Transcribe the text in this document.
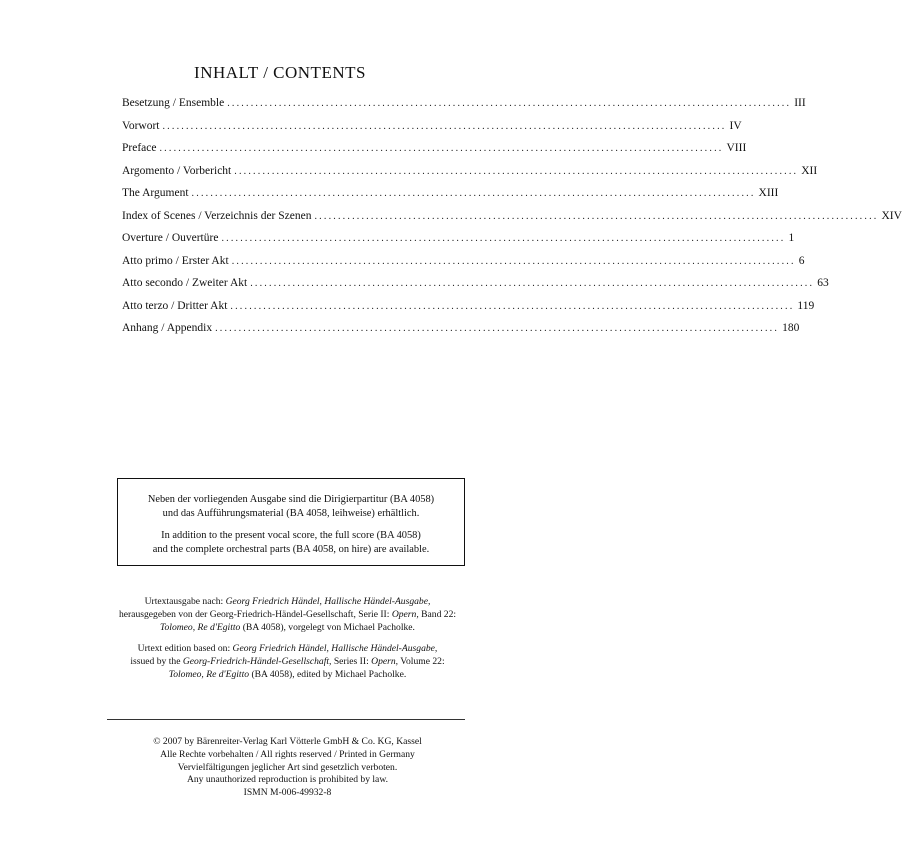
INHALT / CONTENTS
Besetzung / Ensemble ........................................................................................................................ III
Vorwort ........................................................................................................................ IV
Preface ........................................................................................................................ VIII
Argomento / Vorbericht ........................................................................................................................ XII
The Argument ........................................................................................................................ XIII
Index of Scenes / Verzeichnis der Szenen ........................................................................................................................ XIV
Overture / Ouvertüre ........................................................................................................................ 1
Atto primo / Erster Akt ........................................................................................................................ 6
Atto secondo / Zweiter Akt ........................................................................................................................ 63
Atto terzo / Dritter Akt ........................................................................................................................ 119
Anhang / Appendix ........................................................................................................................ 180

Neben der vorliegenden Ausgabe sind die Dirigierpartitur (BA 4058)
und das Aufführungsmaterial (BA 4058, leihweise) erhältlich.

In addition to the present vocal score, the full score (BA 4058)
and the complete orchestral parts (BA 4058, on hire) are available.

Urtextausgabe nach: Georg Friedrich Händel, Hallische Händel-Ausgabe,
herausgegeben von der Georg-Friedrich-Händel-Gesellschaft, Serie II: Opern, Band 22:
Tolomeo, Re d'Egitto (BA 4058), vorgelegt von Michael Pacholke.

Urtext edition based on: Georg Friedrich Händel, Hallische Händel-Ausgabe,
issued by the Georg-Friedrich-Händel-Gesellschaft, Series II: Opern, Volume 22:
Tolomeo, Re d'Egitto (BA 4058), edited by Michael Pacholke.

© 2007 by Bärenreiter-Verlag Karl Vötterle GmbH & Co. KG, Kassel
Alle Rechte vorbehalten / All rights reserved / Printed in Germany
Vervielfältigungen jeglicher Art sind gesetzlich verboten.
Any unauthorized reproduction is prohibited by law.
ISMN M-006-49932-8
